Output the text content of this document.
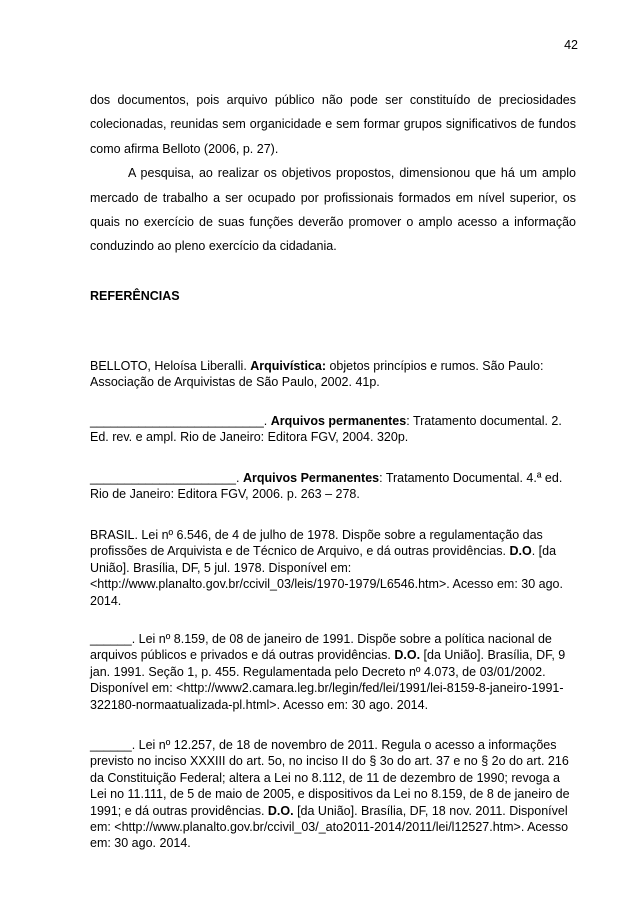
42

dos documentos, pois arquivo público não pode ser constituído de preciosidades colecionadas, reunidas sem organicidade e sem formar grupos significativos de fundos como afirma Belloto (2006, p. 27).

A pesquisa, ao realizar os objetivos propostos, dimensionou que há um amplo mercado de trabalho a ser ocupado por profissionais formados em nível superior, os quais no exercício de suas funções deverão promover o amplo acesso a informação conduzindo ao pleno exercício da cidadania.

REFERÊNCIAS

BELLOTO, Heloísa Liberalli. Arquivística: objetos princípios e rumos. São Paulo: Associação de Arquivistas de São Paulo, 2002. 41p.

_________________________. Arquivos permanentes: Tratamento documental. 2. Ed. rev. e ampl. Rio de Janeiro: Editora FGV, 2004. 320p.

_____________________. Arquivos Permanentes: Tratamento Documental. 4.ª ed. Rio de Janeiro: Editora FGV, 2006. p. 263 – 278.

BRASIL. Lei nº 6.546, de 4 de julho de 1978. Dispõe sobre a regulamentação das profissões de Arquivista e de Técnico de Arquivo, e dá outras providências. D.O. [da União]. Brasília, DF, 5 jul. 1978. Disponível em: <http://www.planalto.gov.br/ccivil_03/leis/1970-1979/L6546.htm>. Acesso em: 30 ago. 2014.

______. Lei nº 8.159, de 08 de janeiro de 1991. Dispõe sobre a política nacional de arquivos públicos e privados e dá outras providências. D.O. [da União]. Brasília, DF, 9 jan. 1991. Seção 1, p. 455. Regulamentada pelo Decreto nº 4.073, de 03/01/2002. Disponível em: <http://www2.camara.leg.br/legin/fed/lei/1991/lei-8159-8-janeiro-1991-322180-normaatualizada-pl.html>. Acesso em: 30 ago. 2014.

______. Lei nº 12.257, de 18 de novembro de 2011. Regula o acesso a informações previsto no inciso XXXIII do art. 5o, no inciso II do § 3o do art. 37 e no § 2o do art. 216 da Constituição Federal; altera a Lei no 8.112, de 11 de dezembro de 1990; revoga a Lei no 11.111, de 5 de maio de 2005, e dispositivos da Lei no 8.159, de 8 de janeiro de 1991; e dá outras providências. D.O. [da União]. Brasília, DF, 18 nov. 2011. Disponível em: <http://www.planalto.gov.br/ccivil_03/_ato2011-2014/2011/lei/l12527.htm>. Acesso em: 30 ago. 2014.
